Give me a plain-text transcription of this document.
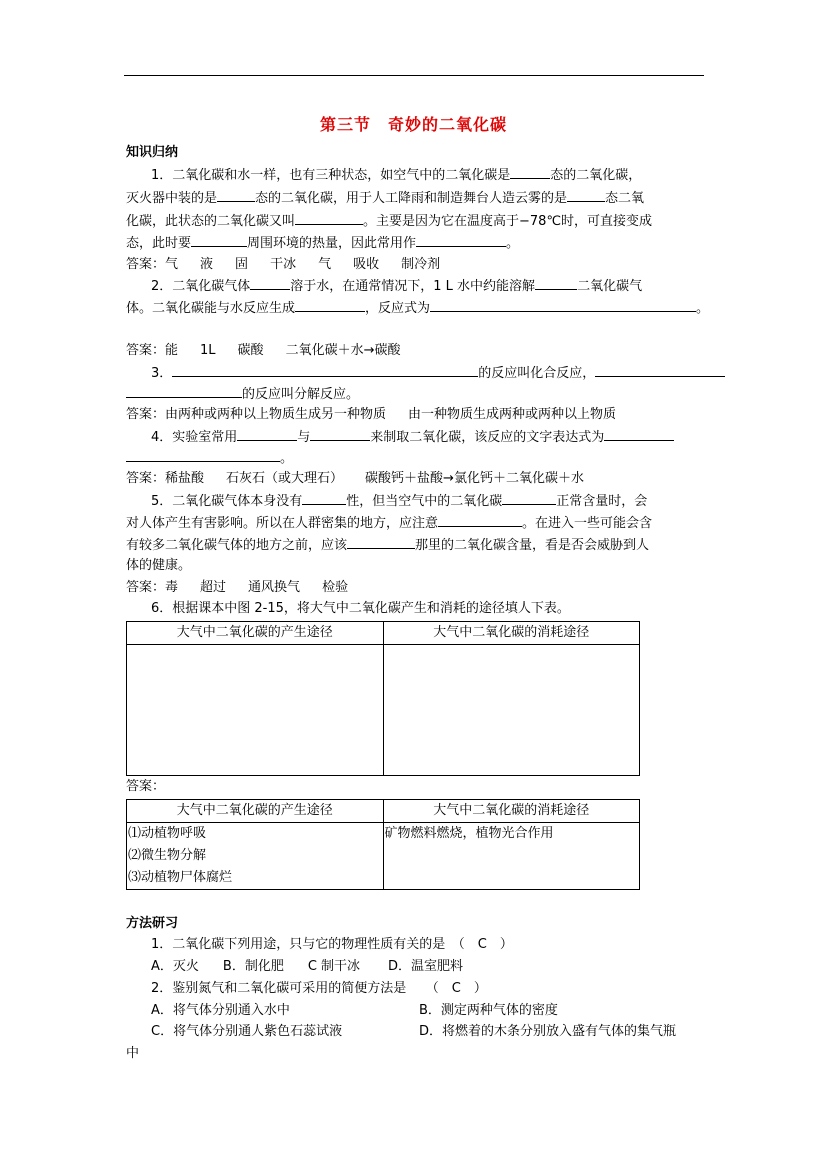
第三节　奇妙的二氧化碳
知识归纳
1．二氧化碳和水一样，也有三种状态，如空气中的二氧化碳是	态的二氧化碳，
灭火器中装的是	态的二氧化碳，用于人工降雨和制造舞台人造云雾的是	态二氧
化碳，此状态的二氧化碳又叫	。主要是因为它在温度高于−78℃时，可直接变成
态，此时要	周围环境的热量，因此常用作	。
答案：气 液 固 干冰 气 吸收 制冷剂
2．二氧化碳气体	溶于水，在通常情况下，1 L 水中约能溶解	二氧化碳气
体。二氧化碳能与水反应生成	，反应式为	。
答案：能 1L 碳酸 二氧化碳＋水→碳酸
3．	的反应叫化合反应，
的反应叫分解反应。
答案：由两种或两种以上物质生成另一种物质 由一种物质生成两种或两种以上物质
4．实验室常用	与	来制取二氧化碳，该反应的文字表达式为
。
答案：稀盐酸 石灰石（或大理石） 碳酸钙＋盐酸→氯化钙＋二氧化碳＋水
5．二氧化碳气体本身没有	性，但当空气中的二氧化碳	正常含量时，会
对人体产生有害影响。所以在人群密集的地方，应注意	。在进入一些可能会含
有较多二氧化碳气体的地方之前，应该	那里的二氧化碳含量，看是否会威胁到人
体的健康。
答案：毒 超过 通风换气 检验
6．根据课本中图 2-15，将大气中二氧化碳产生和消耗的途径填人下表。
大气中二氧化碳的产生途径	大气中二氧化碳的消耗途径

答案：
大气中二氧化碳的产生途径	大气中二氧化碳的消耗途径

⑴动植物呼吸
⑵微生物分解
⑶动植物尸体腐烂	矿物燃料燃烧，植物光合作用
方法研习
1．二氧化碳下列用途，只与它的物理性质有关的是　（　C　）
A．灭火 B．制化肥 C 制干冰 D．温室肥料
2．鉴别氮气和二氧化碳可采用的简便方法是　　（　C　）
A．将气体分别通入水中	B．测定两种气体的密度
C．将气体分别通人紫色石蕊试液	D．将燃着的木条分别放入盛有气体的集气瓶
中
